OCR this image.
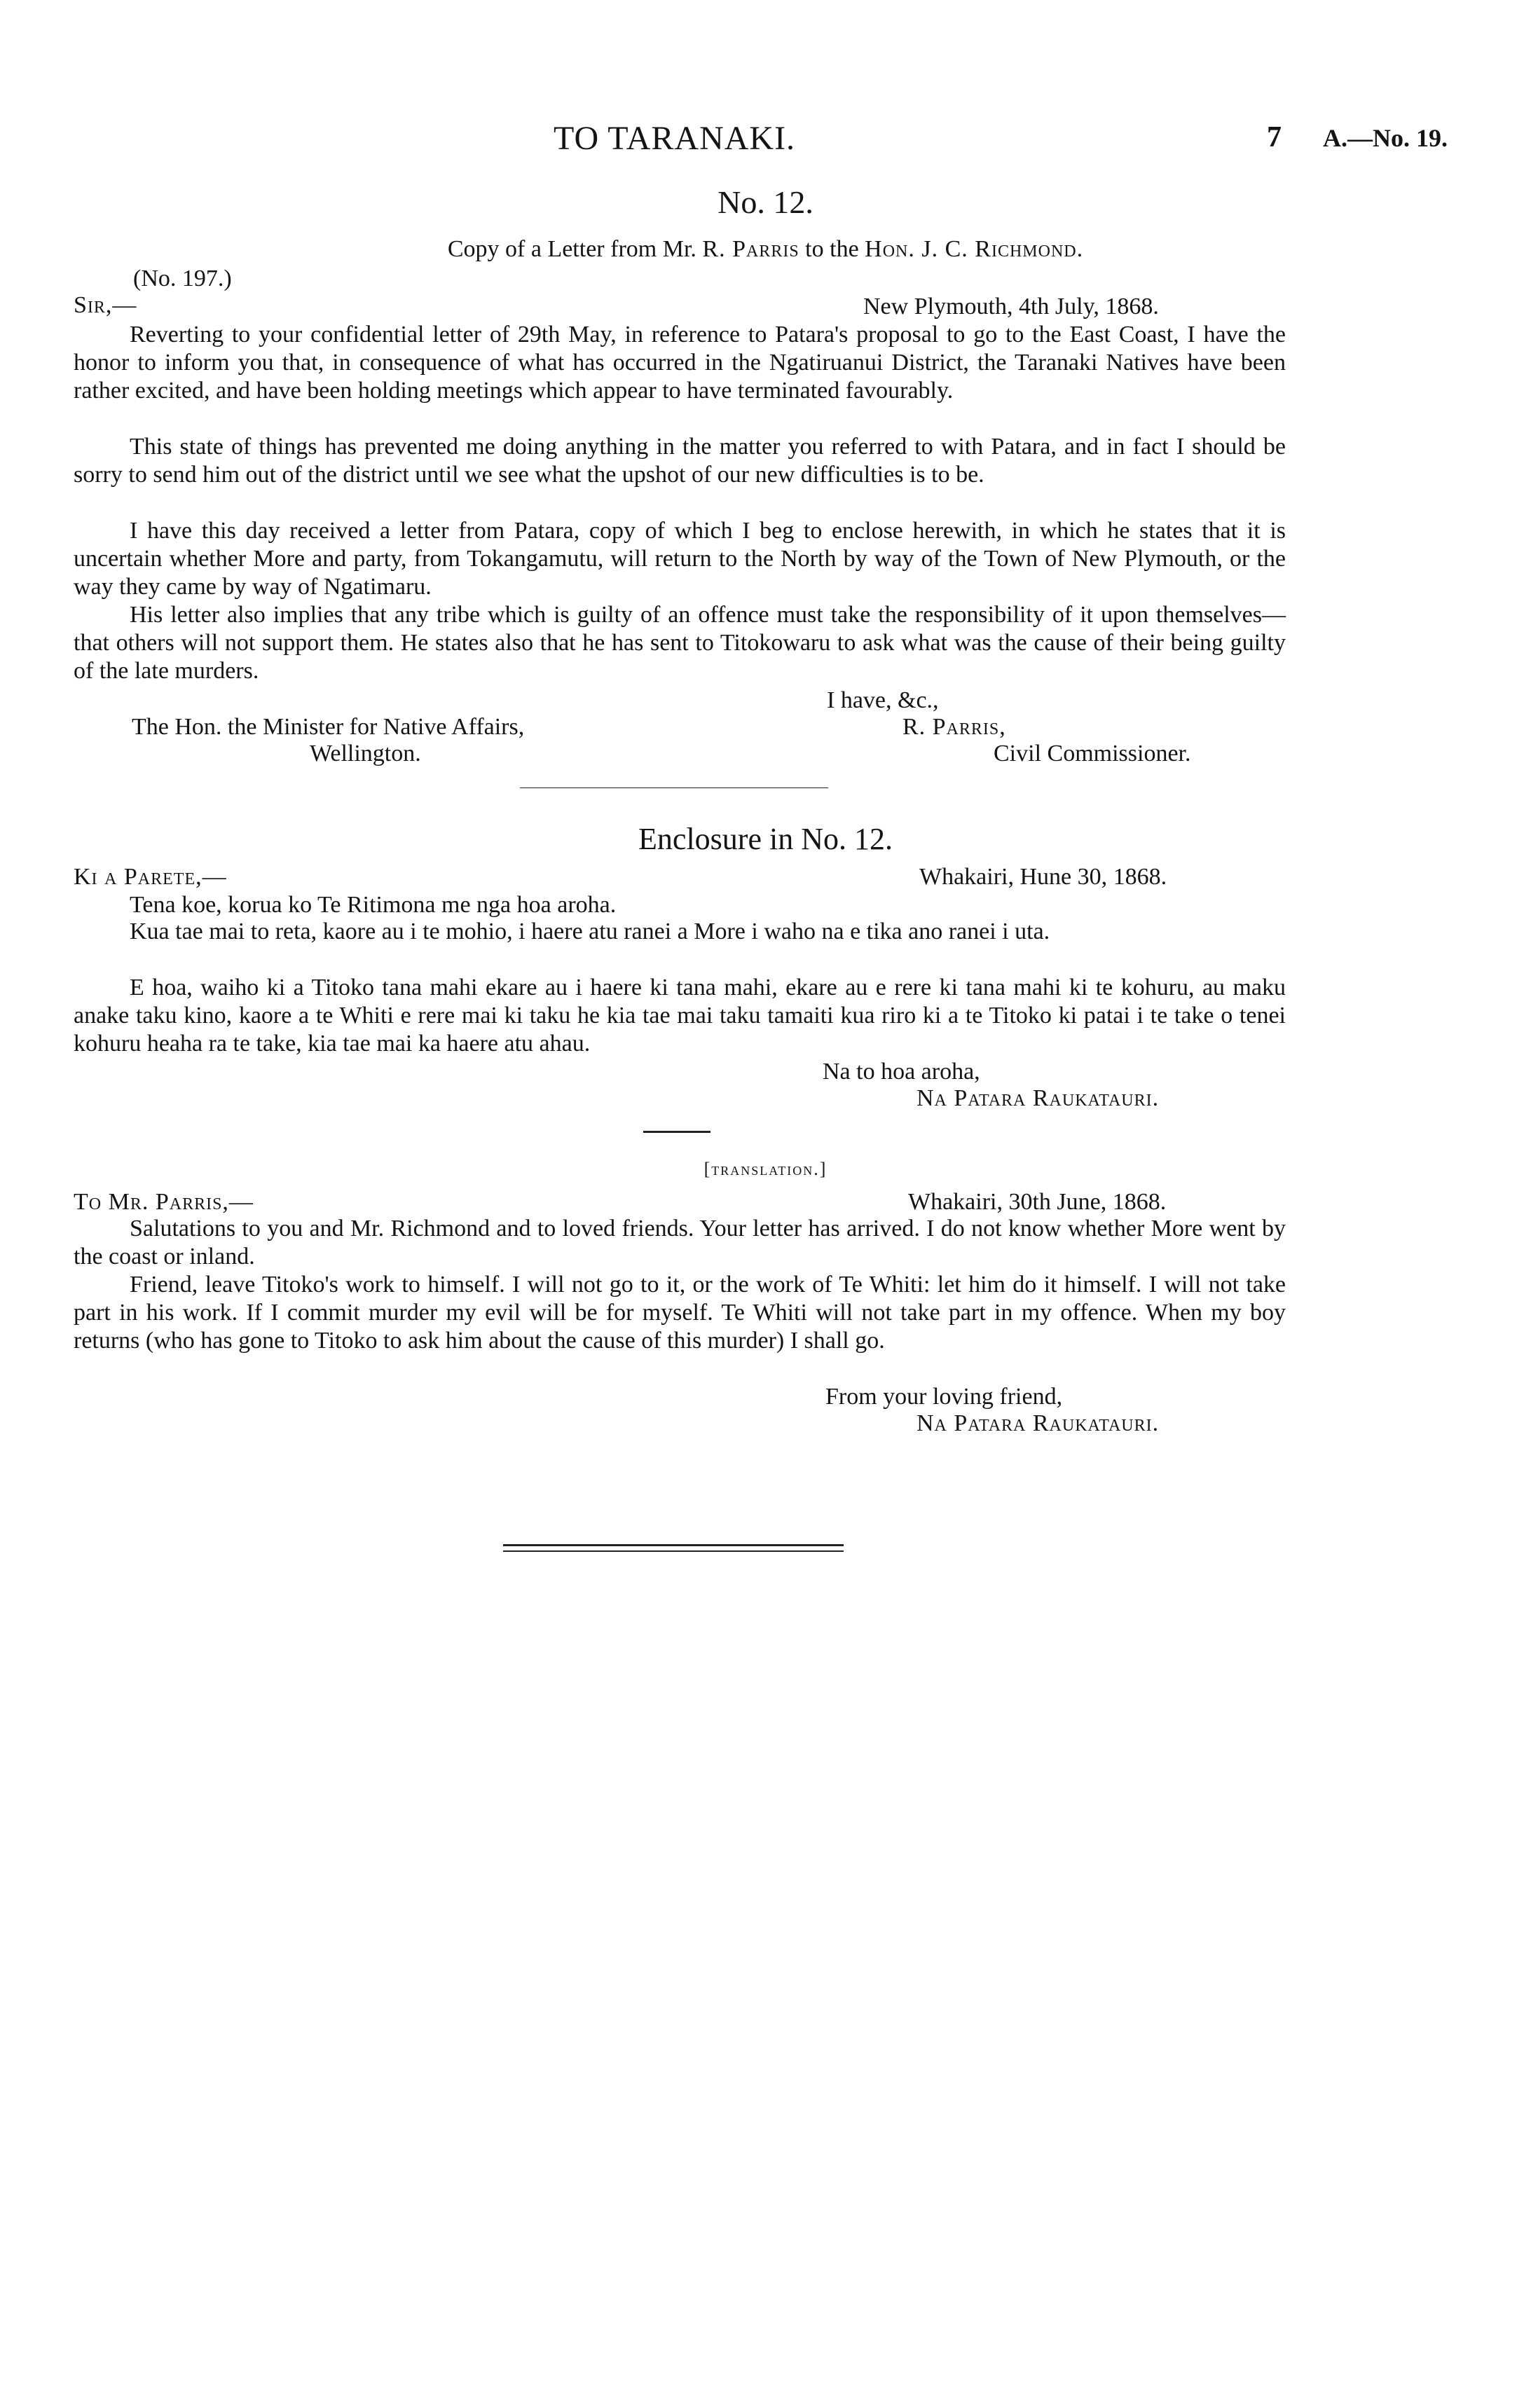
TO TARANAKI.	7 A.—No. 19.
No. 12.
Copy of a Letter from Mr. R. Parris to the Hon. J. C. Richmond.
(No. 197.)
Sir,—	New Plymouth, 4th July, 1868.
Reverting to your confidential letter of 29th May, in reference to Patara's proposal to go to the East Coast, I have the honor to inform you that, in consequence of what has occurred in the Ngatiruanui District, the Taranaki Natives have been rather excited, and have been holding meetings which appear to have terminated favourably.
This state of things has prevented me doing anything in the matter you referred to with Patara, and in fact I should be sorry to send him out of the district until we see what the upshot of our new difficulties is to be.
I have this day received a letter from Patara, copy of which I beg to enclose herewith, in which he states that it is uncertain whether More and party, from Tokangamutu, will return to the North by way of the Town of New Plymouth, or the way they came by way of Ngatimaru.
His letter also implies that any tribe which is guilty of an offence must take the responsibility of it upon themselves—that others will not support them. He states also that he has sent to Titokowaru to ask what was the cause of their being guilty of the late murders.
I have, &c.,
The Hon. the Minister for Native Affairs,	R. Parris,
Wellington.	Civil Commissioner.
Enclosure in No. 12.
Ki a Parete,—	Whakairi, Hune 30, 1868.
Tena koe, korua ko Te Ritimona me nga hoa aroha.
Kua tae mai to reta, kaore au i te mohio, i haere atu ranei a More i waho na e tika ano ranei i uta.
E hoa, waiho ki a Titoko tana mahi ekare au i haere ki tana mahi, ekare au e rere ki tana mahi ki te kohuru, au maku anake taku kino, kaore a te Whiti e rere mai ki taku he kia tae mai taku tamaiti kua riro ki a te Titoko ki patai i te take o tenei kohuru heaha ra te take, kia tae mai ka haere atu ahau.
Na to hoa aroha,
Na Patara Raukatauri.
[translation.]
To Mr. Parris,—	Whakairi, 30th June, 1868.
Salutations to you and Mr. Richmond and to loved friends. Your letter has arrived. I do not know whether More went by the coast or inland.
Friend, leave Titoko's work to himself. I will not go to it, or the work of Te Whiti: let him do it himself. I will not take part in his work. If I commit murder my evil will be for myself. Te Whiti will not take part in my offence. When my boy returns (who has gone to Titoko to ask him about the cause of this murder) I shall go.
From your loving friend,
Na Patara Raukatauri.
